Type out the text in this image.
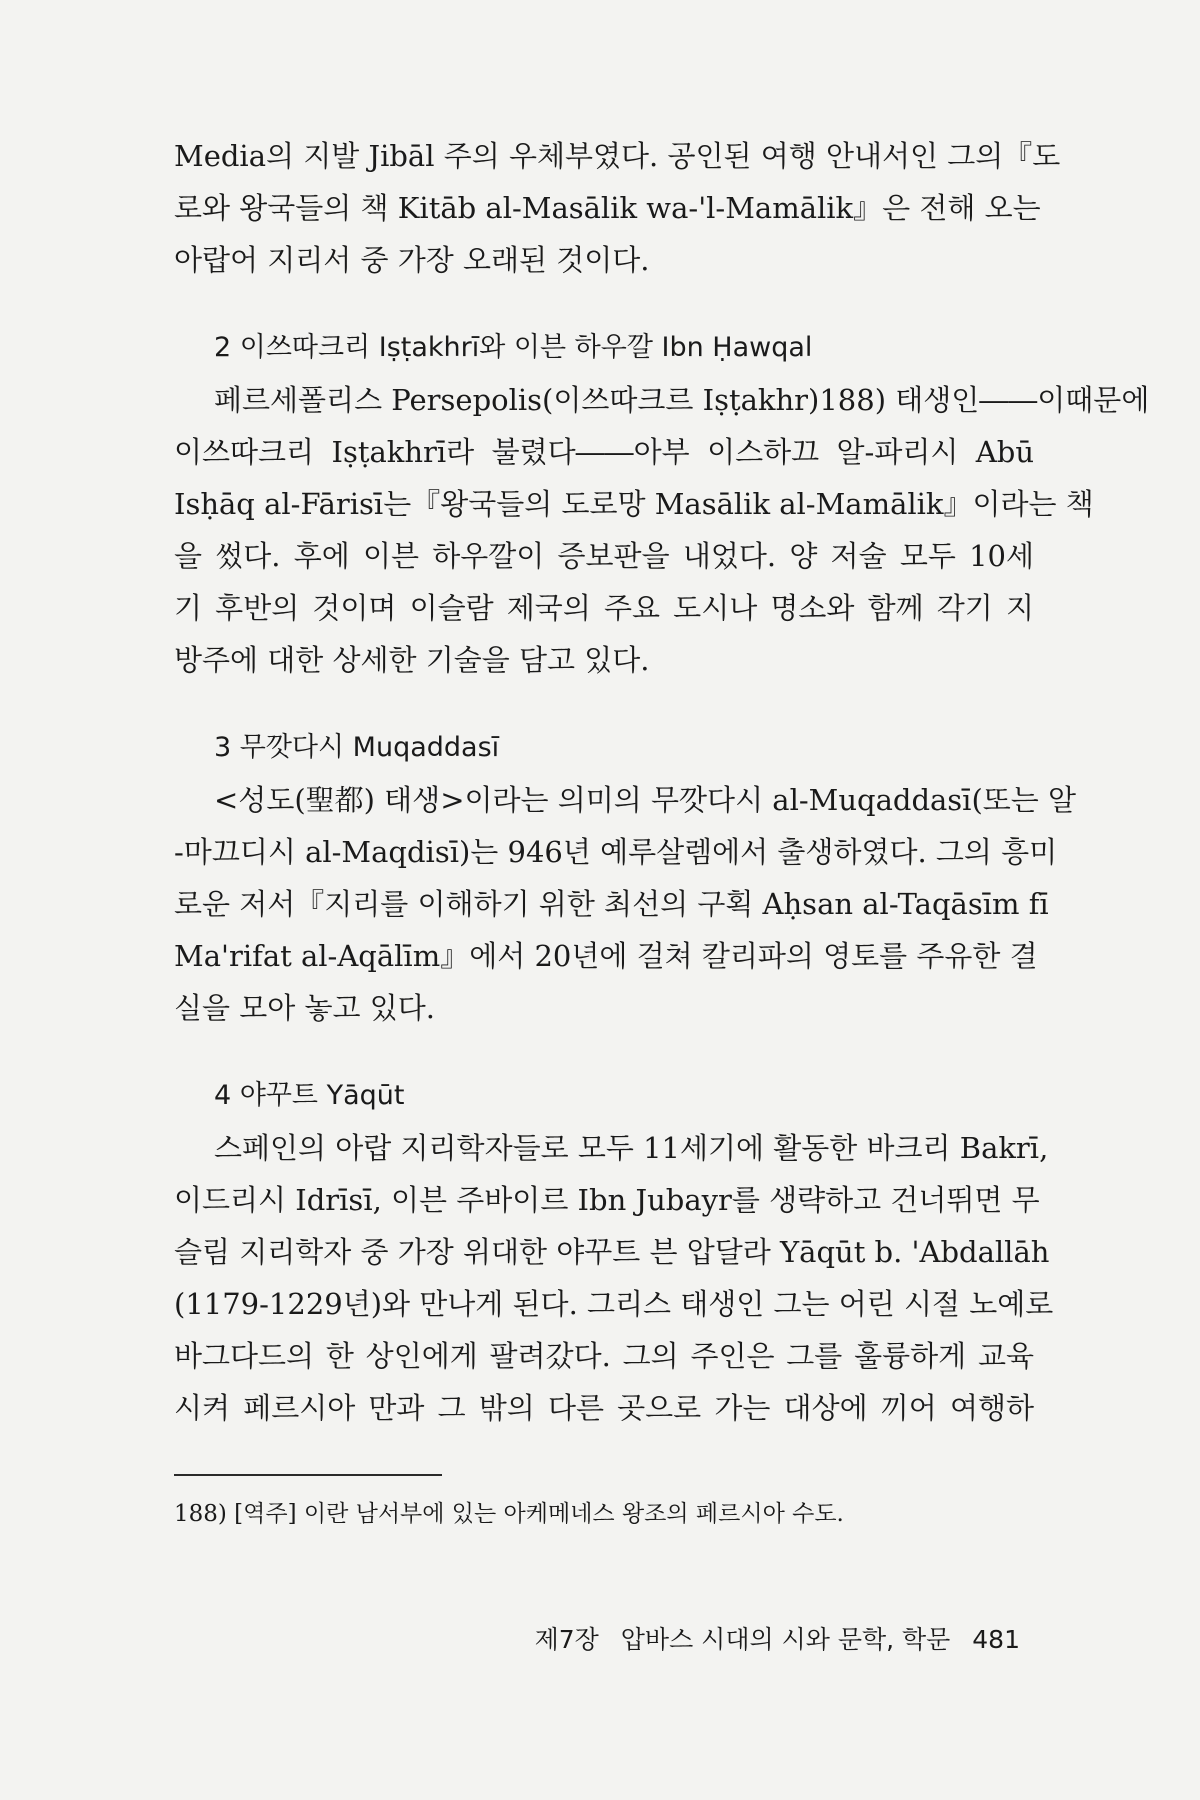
Media의 지발 Jibāl 주의 우체부였다. 공인된 여행 안내서인 그의『도
로와 왕국들의 책 Kitāb al-Masālik wa-'l-Mamālik』은 전해 오는
아랍어 지리서 중 가장 오래된 것이다.
2 이쓰따크리 Iṣṭakhrī와 이븐 하우깔 Ibn Ḥawqal
페르세폴리스 Persepolis(이쓰따크르 Iṣṭakhr)188) 태생인――이때문에
이쓰따크리 Iṣṭakhrī라 불렸다――아부 이스하끄 알-파리시 Abū
Isḥāq al-Fārisī는『왕국들의 도로망 Masālik al-Mamālik』이라는 책
을 썼다. 후에 이븐 하우깔이 증보판을 내었다. 양 저술 모두 10세
기 후반의 것이며 이슬람 제국의 주요 도시나 명소와 함께 각기 지
방주에 대한 상세한 기술을 담고 있다.
3 무깟다시 Muqaddasī
<성도(聖都) 태생>이라는 의미의 무깟다시 al-Muqaddasī(또는 알
-마끄디시 al-Maqdisī)는 946년 예루살렘에서 출생하였다. 그의 흥미
로운 저서『지리를 이해하기 위한 최선의 구획 Aḥsan al-Taqāsīm fī
Ma'rifat al-Aqālīm』에서 20년에 걸쳐 칼리파의 영토를 주유한 결
실을 모아 놓고 있다.
4 야꾸트 Yāqūt
스페인의 아랍 지리학자들로 모두 11세기에 활동한 바크리 Bakrī,
이드리시 Idrīsī, 이븐 주바이르 Ibn Jubayr를 생략하고 건너뛰면 무
슬림 지리학자 중 가장 위대한 야꾸트 븐 압달라 Yāqūt b. 'Abdallāh
(1179-1229년)와 만나게 된다. 그리스 태생인 그는 어린 시절 노예로
바그다드의 한 상인에게 팔려갔다. 그의 주인은 그를 훌륭하게 교육
시켜 페르시아 만과 그 밖의 다른 곳으로 가는 대상에 끼어 여행하
188) [역주] 이란 남서부에 있는 아케메네스 왕조의 페르시아 수도.
제7장 압바스 시대의 시와 문학, 학문 481
